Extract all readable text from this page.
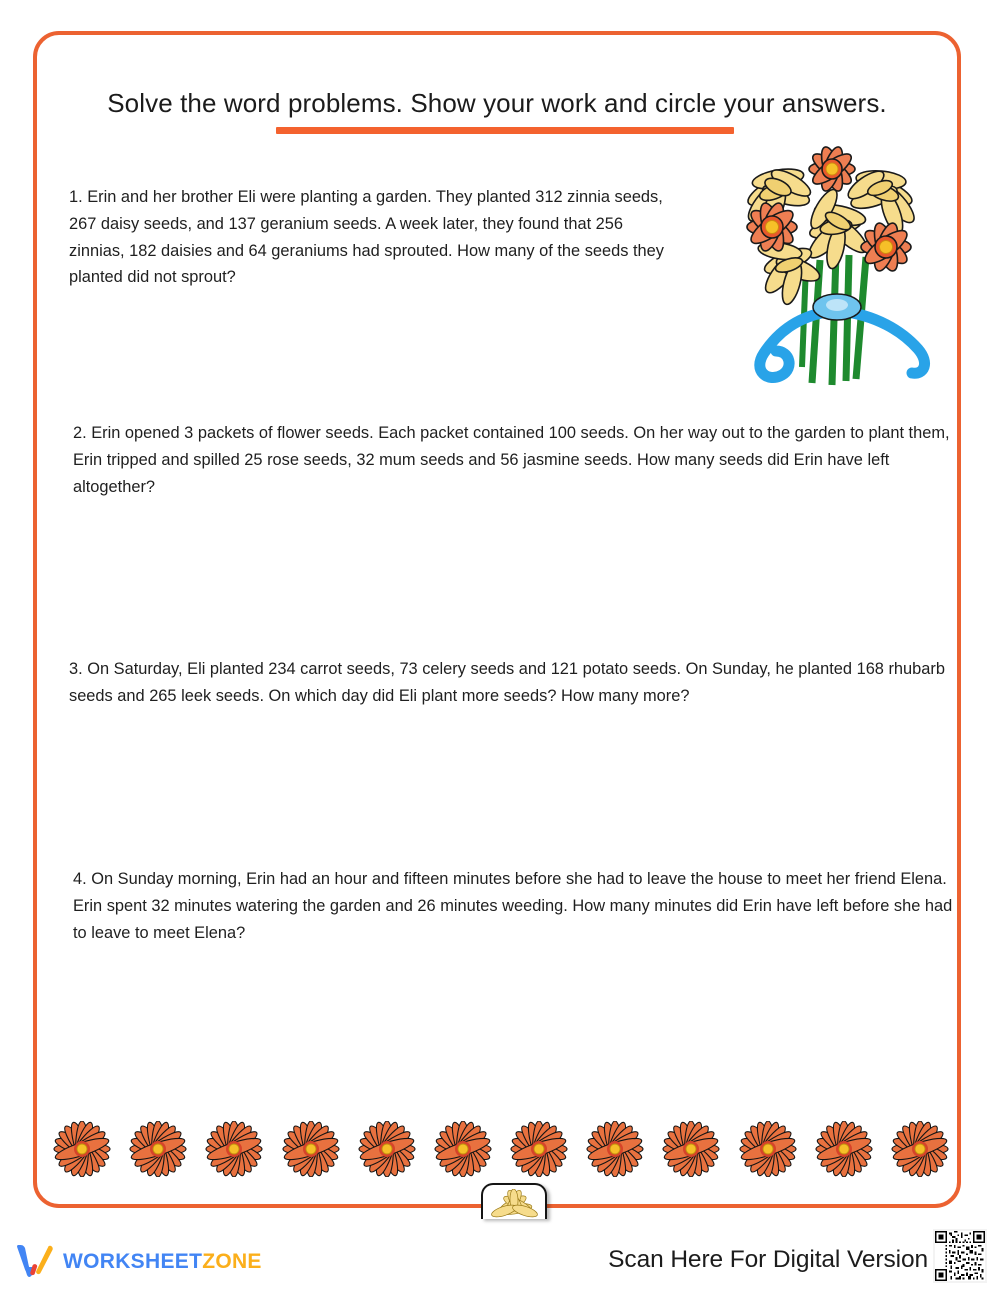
Solve the word problems. Show your work and circle your answers.

1. Erin and her brother Eli were planting a garden. They planted 312 zinnia seeds, 267 daisy seeds, and 137 geranium seeds. A week later, they found that 256 zinnias, 182 daisies and 64 geraniums had sprouted. How many of the seeds they planted did not sprout?

2. Erin opened 3 packets of flower seeds. Each packet contained 100 seeds. On her way out to the garden to plant them, Erin tripped and spilled 25 rose seeds, 32 mum seeds and 56 jasmine seeds. How many seeds did Erin have left altogether?

3. On Saturday, Eli planted 234 carrot seeds, 73 celery seeds and 121 potato seeds. On Sunday, he planted 168 rhubarb seeds and 265 leek seeds. On which day did Eli plant more seeds? How many more?

4. On Sunday morning, Erin had an hour and fifteen minutes before she had to leave the house to meet her friend Elena. Erin spent 32 minutes watering the garden and 26 minutes weeding. How many minutes did Erin have left before she had to leave to meet Elena?

WORKSHEETZONE	Scan Here For Digital Version
